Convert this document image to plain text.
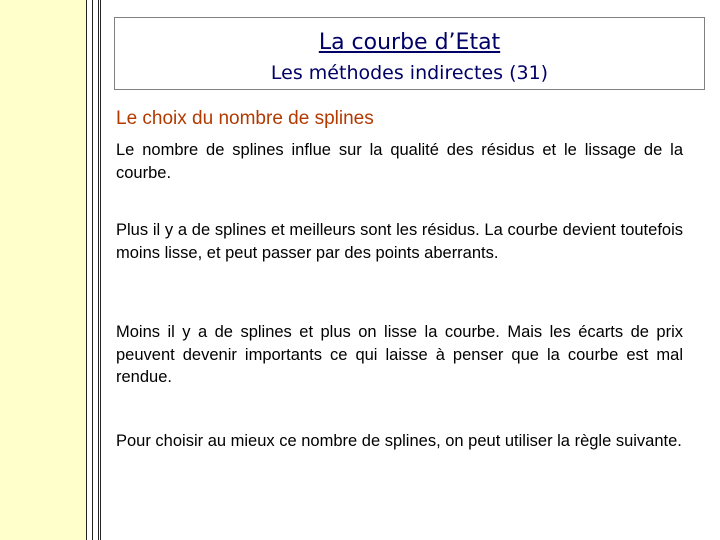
La courbe d’Etat
Les méthodes indirectes (31)
Le choix du nombre de splines

Le nombre de splines influe sur la qualité des résidus et le lissage de la courbe.

Plus il y a de splines et meilleurs sont les résidus. La courbe devient toutefois moins lisse, et peut passer par des points aberrants.

Moins il y a de splines et plus on lisse la courbe. Mais les écarts de prix peuvent devenir importants ce qui laisse à penser que la courbe est mal rendue.

Pour choisir au mieux ce nombre de splines, on peut utiliser la règle suivante.
